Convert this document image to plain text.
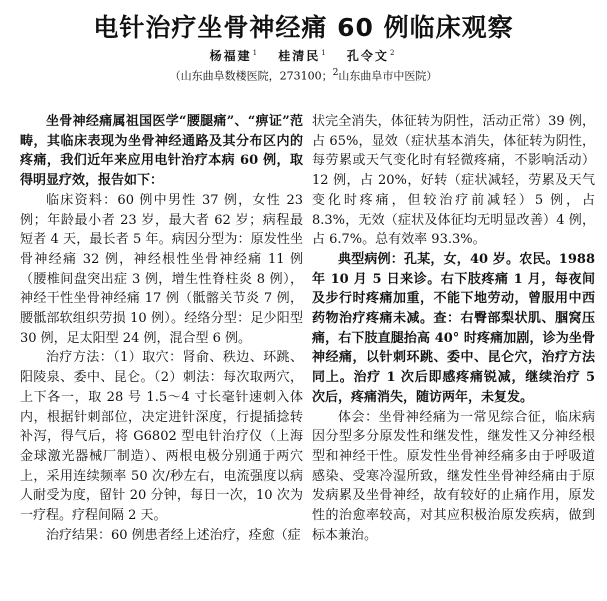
电针治疗坐骨神经痛 60 例临床观察
杨福建$^1$ 桂清民$^1$ 孔令文$^2$
（山东曲阜数楼医院，273100；$^2$山东曲阜市中医院）

坐骨神经痛属祖国医学“腰腿痛”、“痹证”范畴，其临床表现为坐骨神经通路及其分布区内的疼痛，我们近年来应用电针治疗本病 60 例，取得明显疗效，报告如下：

临床资料：60 例中男性 37 例，女性 23 例；年龄最小者 23 岁，最大者 62 岁；病程最短者 4 天，最长者 5 年。病因分型为：原发性坐骨神经痛 32 例，神经根性坐骨神经痛 11 例（腰椎间盘突出症 3 例，增生性脊柱炎 8 例），神经干性坐骨神经痛 17 例（骶髂关节炎 7 例，腰骶部软组织劳损 10 例）。经络分型：足少阳型 30 例，足太阳型 24 例，混合型 6 例。

治疗方法：（1）取穴：肾俞、秩边、环跳、阳陵泉、委中、昆仑。（2）刺法：每次取两穴，上下各一，取 28 号 1.5～4 寸长毫针速刺入体内，根据针刺部位，决定进针深度，行提插捻转补泻，得气后，将 G6802 型电针治疗仪（上海金球激光器械厂制造）、两根电极分别通于两穴上，采用连续频率 50 次/秒左右，电流强度以病人耐受为度，留针 20 分钟，每日一次，10 次为一疗程。疗程间隔 2 天。

治疗结果：60 例患者经上述治疗，痊愈（症

状完全消失，体征转为阴性，活动正常）39 例，占 65%，显效（症状基本消失，体征转为阴性，每劳累或天气变化时有轻微疼痛，不影响活动）12 例，占 20%，好转（症状减轻，劳累及天气变化时疼痛，但较治疗前减轻）5 例，占 8.3%，无效（症状及体征均无明显改善）4 例，占 6.7%。总有效率 93.3%。

典型病例：孔某，女，40 岁。农民。1988 年 10 月 5 日来诊。右下肢疼痛 1 月，每夜间及步行时疼痛加重，不能下地劳动，曾服用中西药物治疗疼痛未减。查：右臀部梨状肌、腘窝压痛，右下肢直腿抬高 40° 时疼痛加剧，诊为坐骨神经痛，以针刺环跳、委中、昆仑穴，治疗方法同上。治疗 1 次后即感疼痛锐减，继续治疗 5 次后，疼痛消失，随访两年，未复发。

体会：坐骨神经痛为一常见综合征，临床病因分型多分原发性和继发性，继发性又分神经根型和神经干性。原发性坐骨神经痛多由于呼吸道感染、受寒冷湿所致，继发性坐骨神经痛由于原发病累及坐骨神经，故有较好的止痛作用，原发性的治愈率较高，对其应积极治原发疾病，做到标本兼治。
